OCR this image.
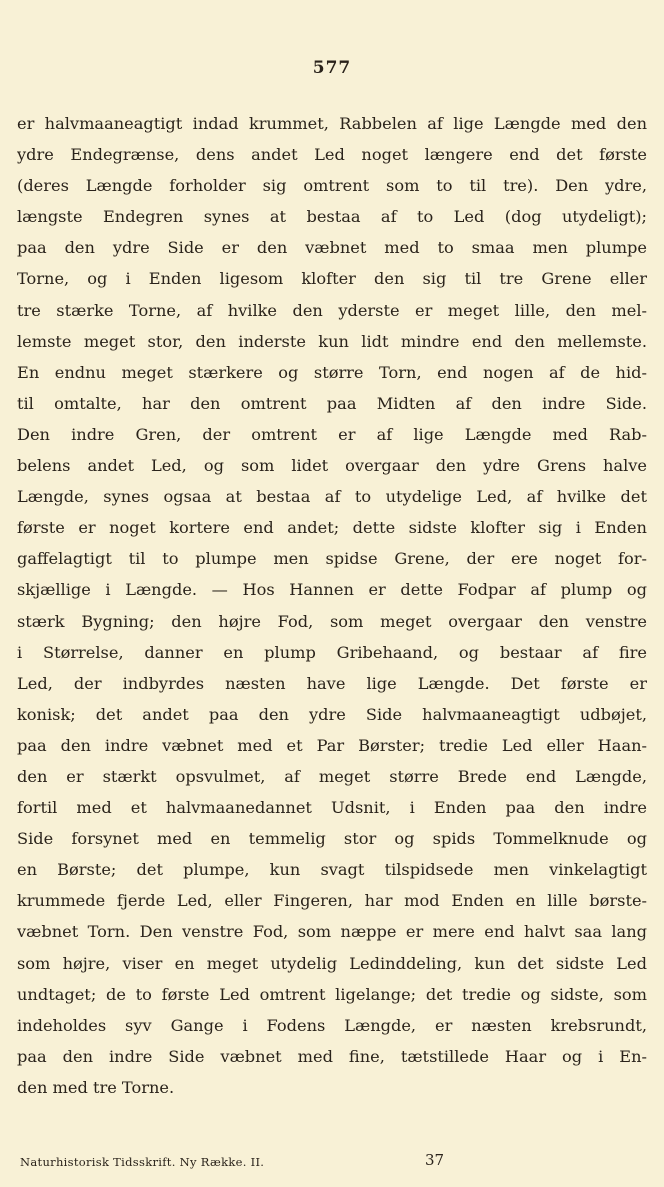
577
er halvmaaneagtigt indad krummet, Rabbelen af lige Længde med den
ydre Endegrænse, dens andet Led noget længere end det første
(deres Længde forholder sig omtrent som to til tre). Den ydre,
længste Endegren synes at bestaa af to Led (dog utydeligt);
paa den ydre Side er den væbnet med to smaa men plumpe
Torne, og i Enden ligesom klofter den sig til tre Grene eller
tre stærke Torne, af hvilke den yderste er meget lille, den mel-
lemste meget stor, den inderste kun lidt mindre end den mellemste.
En endnu meget stærkere og større Torn, end nogen af de hid-
til omtalte, har den omtrent paa Midten af den indre Side.
Den indre Gren, der omtrent er af lige Længde med Rab-
belens andet Led, og som lidet overgaar den ydre Grens halve
Længde, synes ogsaa at bestaa af to utydelige Led, af hvilke det
første er noget kortere end andet; dette sidste klofter sig i Enden
gaffelagtigt til to plumpe men spidse Grene, der ere noget for-
skjællige i Længde. — Hos Hannen er dette Fodpar af plump og
stærk Bygning; den højre Fod, som meget overgaar den venstre
i Størrelse, danner en plump Gribehaand, og bestaar af fire
Led, der indbyrdes næsten have lige Længde. Det første er
konisk; det andet paa den ydre Side halvmaaneagtigt udbøjet,
paa den indre væbnet med et Par Børster; tredie Led eller Haan-
den er stærkt opsvulmet, af meget større Brede end Længde,
fortil med et halvmaanedannet Udsnit, i Enden paa den indre
Side forsynet med en temmelig stor og spids Tommelknude og
en Børste; det plumpe, kun svagt tilspidsede men vinkelagtigt
krummede fjerde Led, eller Fingeren, har mod Enden en lille børste-
væbnet Torn. Den venstre Fod, som næppe er mere end halvt saa lang
som højre, viser en meget utydelig Ledinddeling, kun det sidste Led
undtaget; de to første Led omtrent ligelange; det tredie og sidste, som
indeholdes syv Gange i Fodens Længde, er næsten krebsrundt,
paa den indre Side væbnet med fine, tætstillede Haar og i En-
den med tre Torne.
Naturhistorisk Tidsskrift. Ny Række. II.	37
